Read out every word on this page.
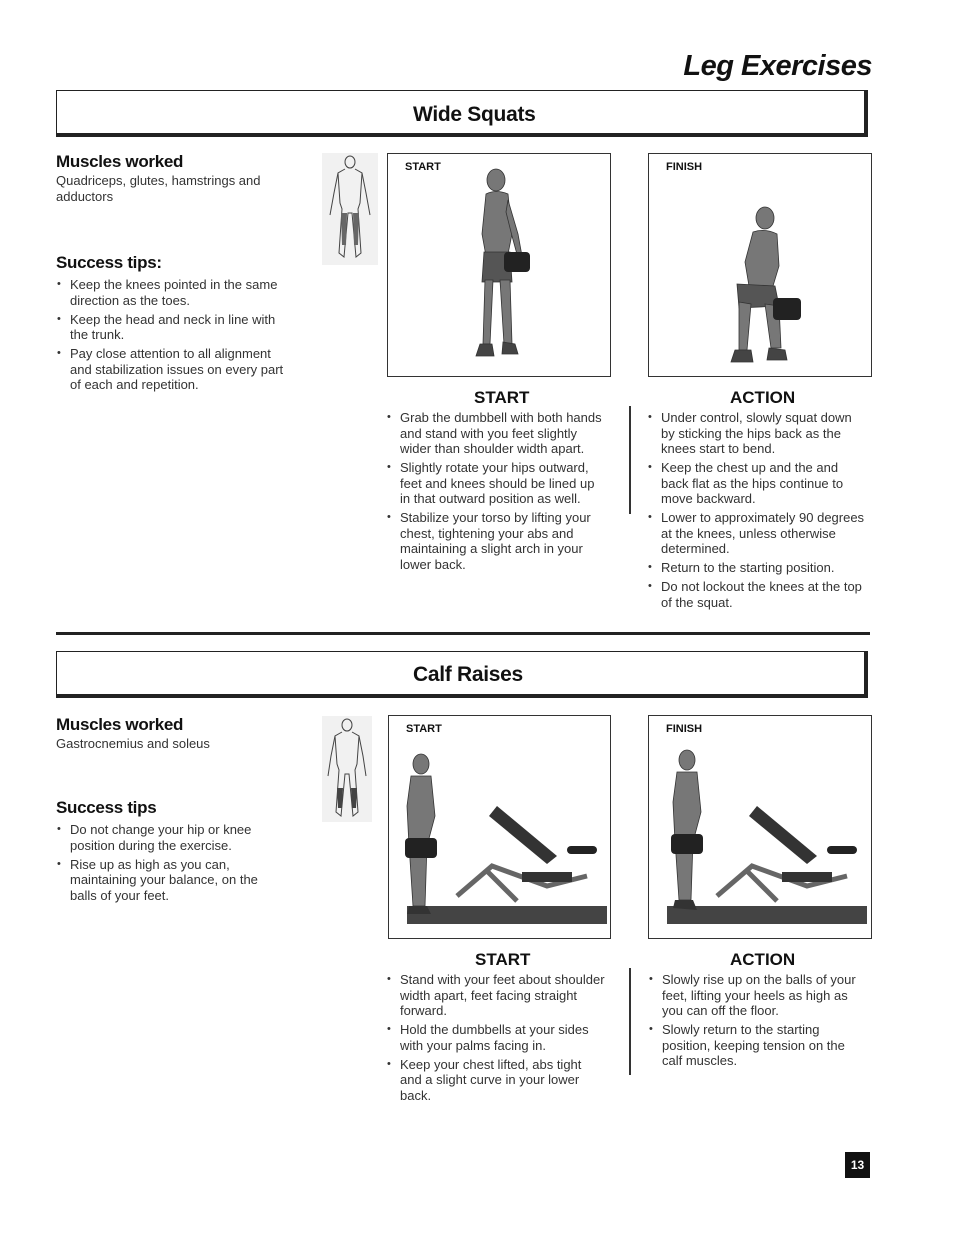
Leg Exercises
Wide Squats
Muscles worked
Quadriceps, glutes, hamstrings and adductors
Success tips:
• Keep the knees pointed in the same direction as the toes.
• Keep the head and neck in line with the trunk.
• Pay close attention to all alignment and stabilization issues on every part of each and repetition.
START	FINISH
START
• Grab the dumbbell with both hands and stand with you feet slightly wider than shoulder width apart.
• Slightly rotate your hips outward, feet and knees should be lined up in that outward position as well.
• Stabilize your torso by lifting your chest, tightening your abs and maintaining a slight arch in your lower back.
ACTION
• Under control, slowly squat down by sticking the hips back as the knees start to bend.
• Keep the chest up and the and back flat as the hips continue to move backward.
• Lower to approximately 90 degrees at the knees, unless otherwise determined.
• Return to the starting position.
• Do not lockout the knees at the top of the squat.
Calf Raises
Muscles worked
Gastrocnemius and soleus
Success tips
• Do not change your hip or knee position during the exercise.
• Rise up as high as you can, maintaining your balance, on the balls of your feet.
START	FINISH
START
• Stand with your feet about shoulder width apart, feet facing straight forward.
• Hold the dumbbells at your sides with your palms facing in.
• Keep your chest lifted, abs tight and a slight curve in your lower back.
ACTION
• Slowly rise up on the balls of your feet, lifting your heels as high as you can off the floor.
• Slowly return to the starting position, keeping tension on the calf muscles.
13
